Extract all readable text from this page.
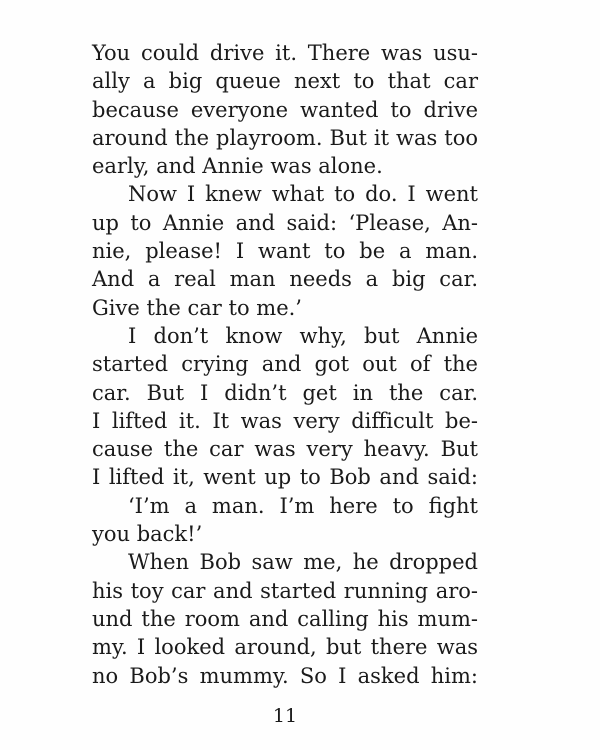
You could drive it. There was usu-
ally a big queue next to that car
because everyone wanted to drive
around the playroom. But it was too
early, and Annie was alone.
Now I knew what to do. I went
up to Annie and said: ‘Please, An-
nie, please! I want to be a man.
And a real man needs a big car.
Give the car to me.’
I don’t know why, but Annie
started crying and got out of the
car. But I didn’t get in the car.
I lifted it. It was very difficult be-
cause the car was very heavy. But
I lifted it, went up to Bob and said:
‘I’m a man. I’m here to fight
you back!’
When Bob saw me, he dropped
his toy car and started running aro-
und the room and calling his mum-
my. I looked around, but there was
no Bob’s mummy. So I asked him:
11
